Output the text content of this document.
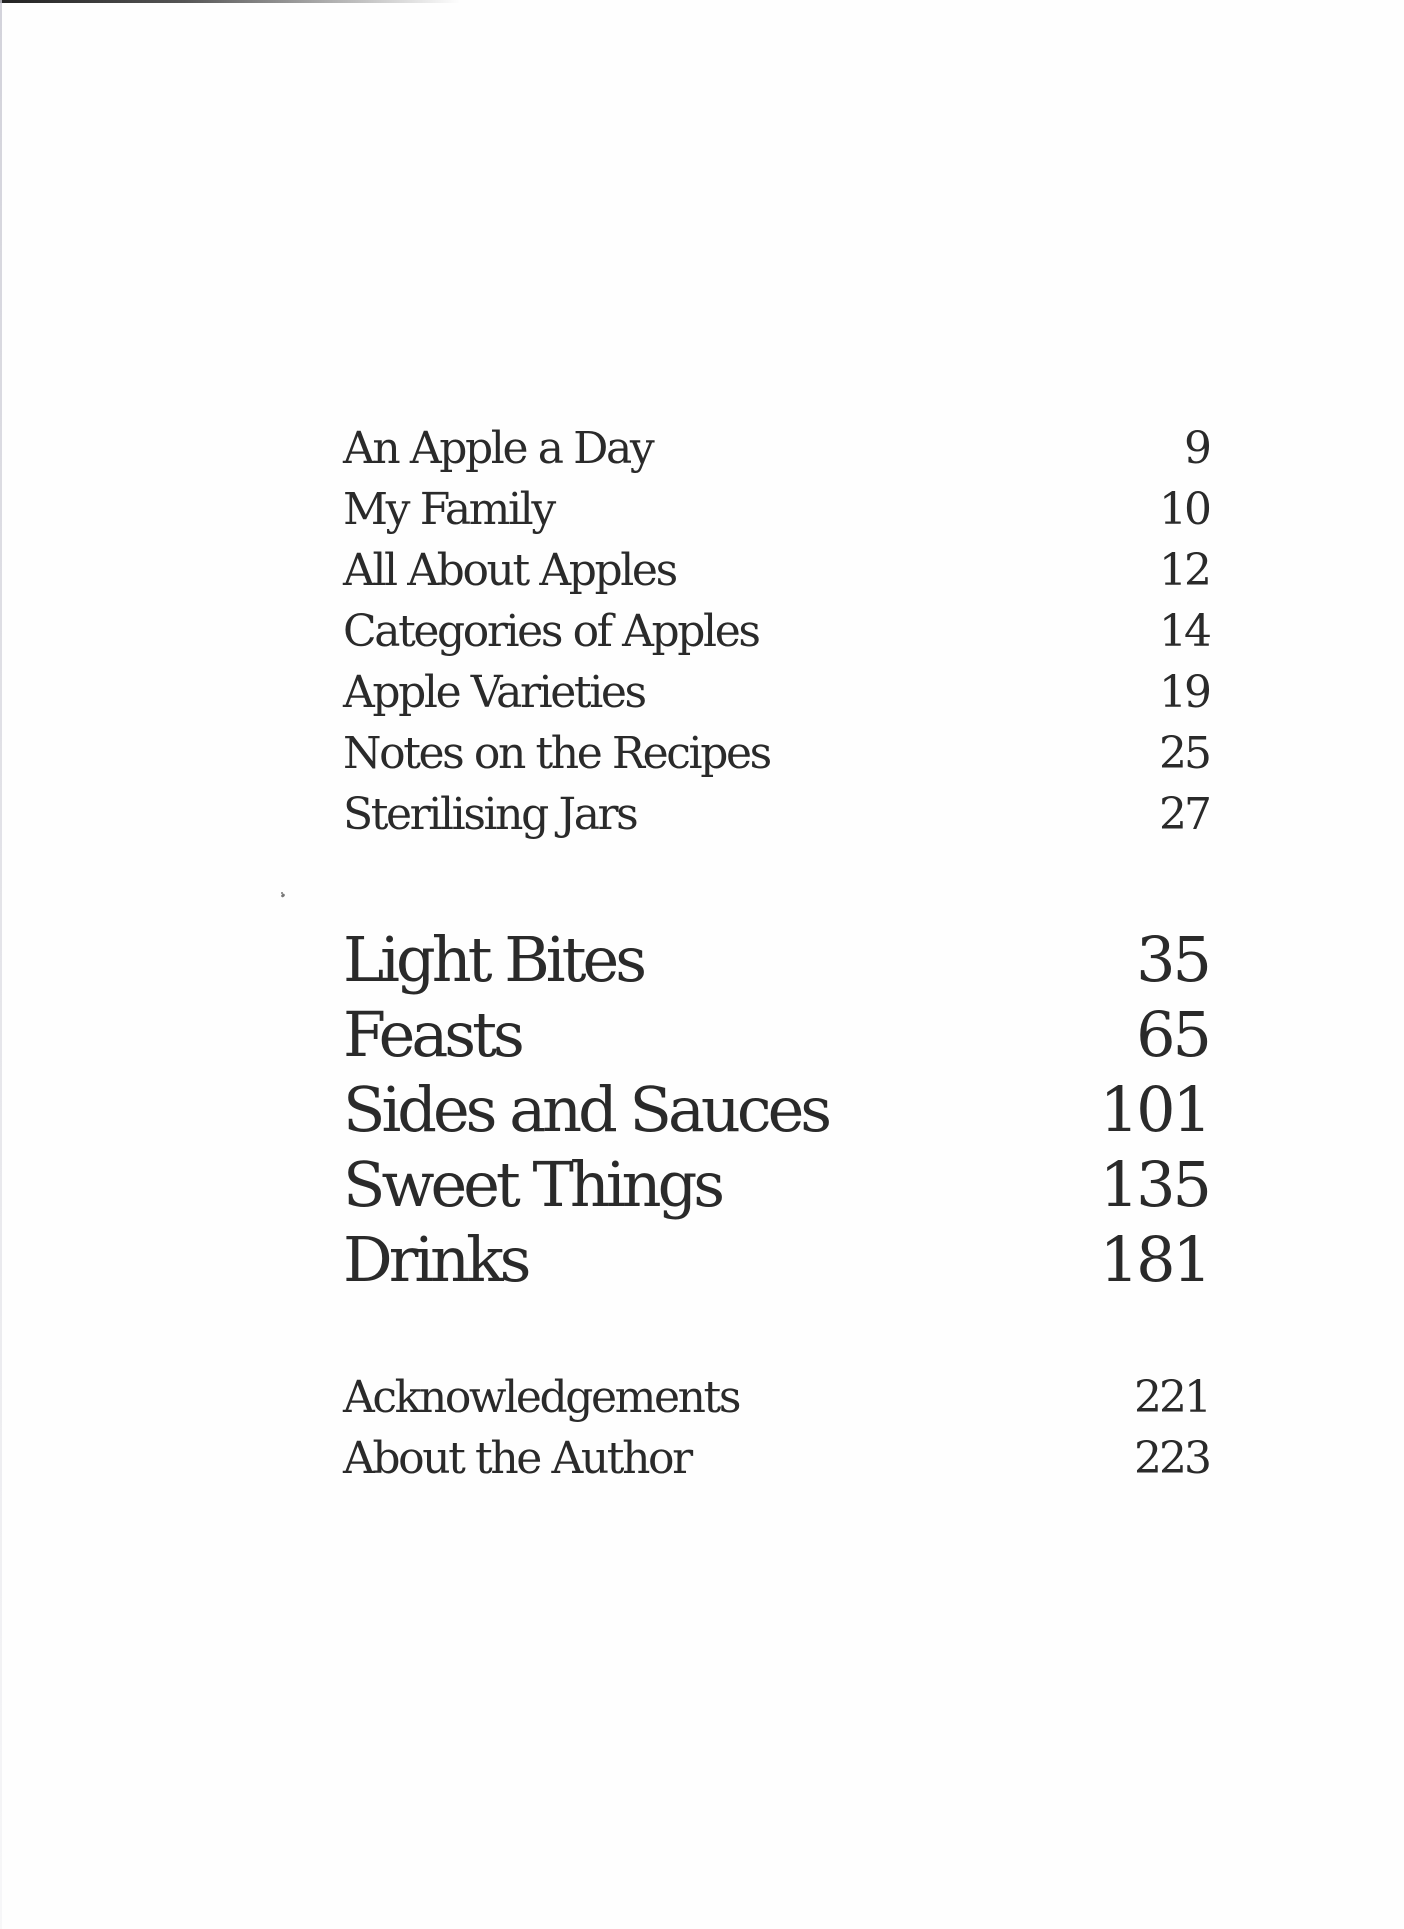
An Apple a Day	9
My Family	10
All About Apples	12
Categories of Apples	14
Apple Varieties	19
Notes on the Recipes	25
Sterilising Jars	27
Light Bites	35
Feasts	65
Sides and Sauces	101
Sweet Things	135
Drinks	181
Acknowledgements	221
About the Author	223
